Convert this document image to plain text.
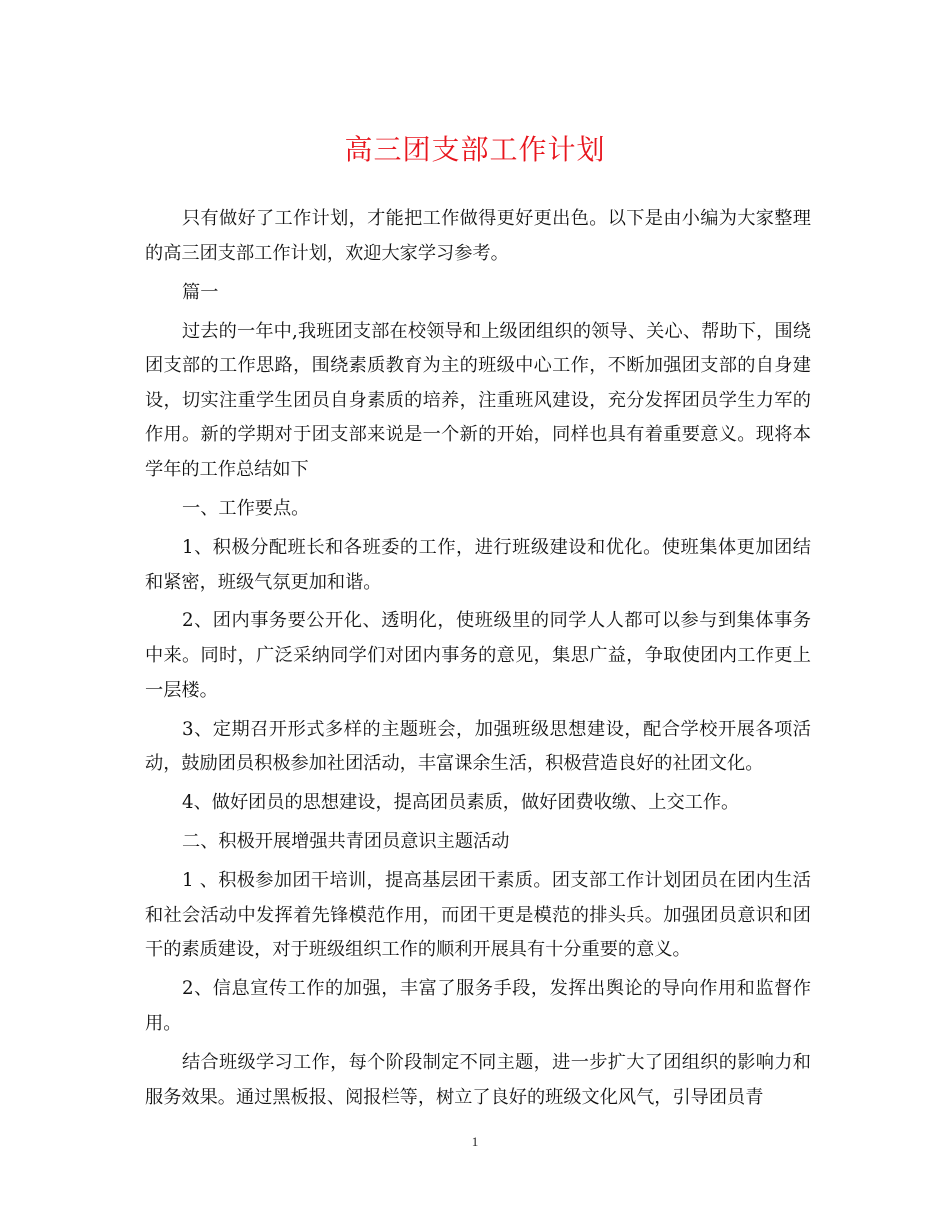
高三团支部工作计划

只有做好了工作计划，才能把工作做得更好更出色。以下是由小编为大家整理的高三团支部工作计划，欢迎大家学习参考。

篇一

过去的一年中,我班团支部在校领导和上级团组织的领导、关心、帮助下，围绕团支部的工作思路，围绕素质教育为主的班级中心工作，不断加强团支部的自身建设，切实注重学生团员自身素质的培养，注重班风建设，充分发挥团员学生力军的作用。新的学期对于团支部来说是一个新的开始，同样也具有着重要意义。现将本学年的工作总结如下

一、工作要点。

1、积极分配班长和各班委的工作，进行班级建设和优化。使班集体更加团结和紧密，班级气氛更加和谐。

2、团内事务要公开化、透明化，使班级里的同学人人都可以参与到集体事务中来。同时，广泛采纳同学们对团内事务的意见，集思广益，争取使团内工作更上一层楼。

3、定期召开形式多样的主题班会，加强班级思想建设，配合学校开展各项活动，鼓励团员积极参加社团活动，丰富课余生活，积极营造良好的社团文化。

4、做好团员的思想建设，提高团员素质，做好团费收缴、上交工作。

二、积极开展增强共青团员意识主题活动

1 、积极参加团干培训，提高基层团干素质。团支部工作计划团员在团内生活和社会活动中发挥着先锋模范作用，而团干更是模范的排头兵。加强团员意识和团干的素质建设，对于班级组织工作的顺利开展具有十分重要的意义。

2、信息宣传工作的加强，丰富了服务手段，发挥出舆论的导向作用和监督作用。

结合班级学习工作，每个阶段制定不同主题，进一步扩大了团组织的影响力和服务效果。通过黑板报、阅报栏等，树立了良好的班级文化风气，引导团员青

1
